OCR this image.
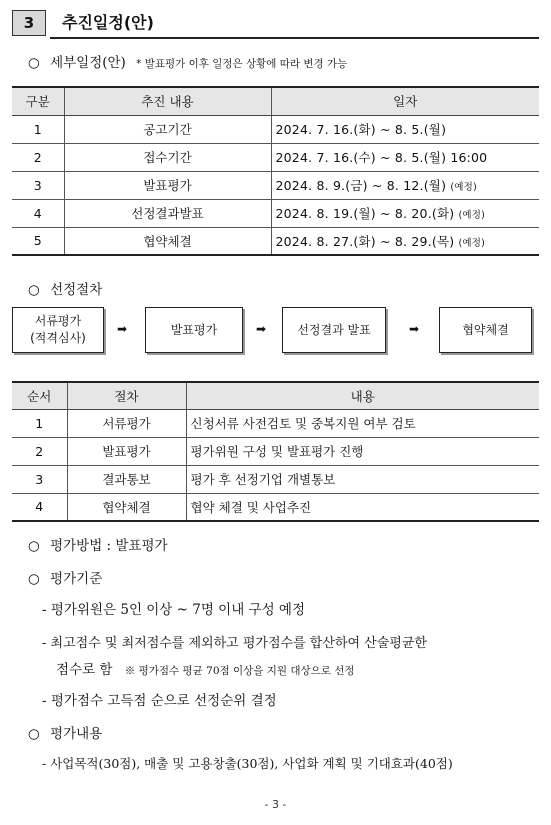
3	추진일정(안)
○ 세부일정(안) * 발표평가 이후 일정은 상황에 따라 변경 가능
구분	추진 내용	일자
1	공고기간	2024. 7. 16.(화) ~ 8. 5.(월)
2	접수기간	2024. 7. 16.(수) ~ 8. 5.(월) 16:00
3	발표평가	2024. 8. 9.(금) ~ 8. 12.(월) (예정)
4	선정결과발표	2024. 8. 19.(월) ~ 8. 20.(화) (예정)
5	협약체결	2024. 8. 27.(화) ~ 8. 29.(목) (예정)
○ 선정절차
서류평가
(적격심사)
➡	발표평가	➡	선정결과 발표	➡	협약체결
순서	절차	내용
1	서류평가	신청서류 사전검토 및 중복지원 여부 검토
2	발표평가	평가위원 구성 및 발표평가 진행
3	결과통보	평가 후 선정기업 개별통보
4	협약체결	협약 체결 및 사업추진
○ 평가방법 : 발표평가
○ 평가기준
- 평가위원은 5인 이상 ~ 7명 이내 구성 예정
- 최고점수 및 최저점수를 제외하고 평가점수를 합산하여 산술평균한
점수로 함 ※ 평가점수 평균 70점 이상을 지원 대상으로 선정
- 평가점수 고득점 순으로 선정순위 결정
○ 평가내용
- 사업목적(30점), 매출 및 고용창출(30점), 사업화 계획 및 기대효과(40점)
- 3 -
